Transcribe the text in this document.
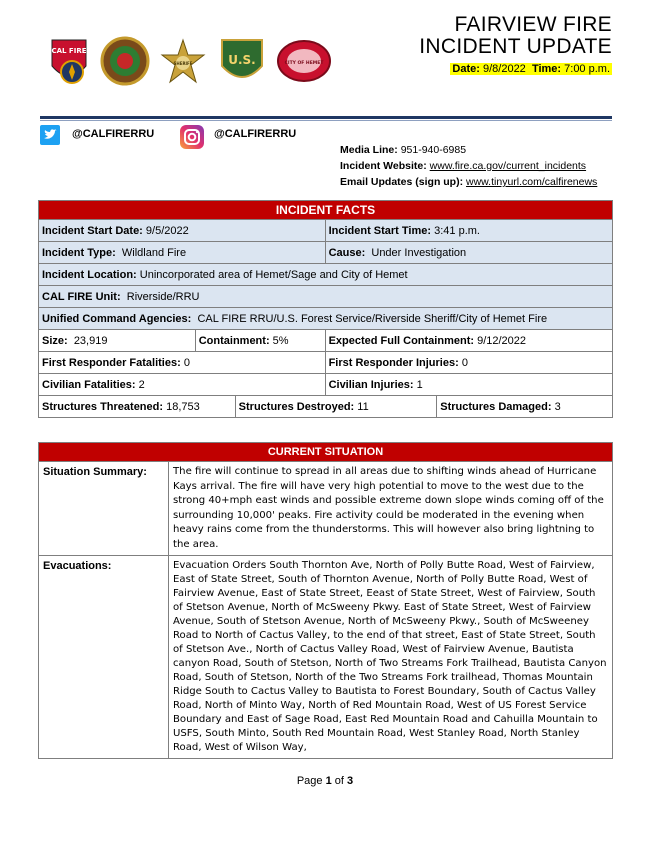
CAL FIRE
SHERIFF	U.S.	CITY OF HEMET
FAIRVIEW FIRE
INCIDENT UPDATE
Date: 9/8/2022 Time: 7:00 p.m.
@CALFIRERRU	@CALFIRERRU
Media Line: 951-940-6985
Incident Website: www.fire.ca.gov/current_incidents
Email Updates (sign up): www.tinyurl.com/calfirenews
INCIDENT FACTS				
Incident Start Date: 9/5/2022			Incident Start Time: 3:41 p.m.	
Incident Type: Wildland Fire			Cause: Under Investigation	
Incident Location: Unincorporated area of Hemet/Sage and City of Hemet				
CAL FIRE Unit: Riverside/RRU				
Unified Command Agencies: CAL FIRE RRU/U.S. Forest Service/Riverside Sheriff/City of Hemet Fire				
Size: 23,919	Containment: 5%		Expected Full Containment: 9/12/2022	
First Responder Fatalities: 0			First Responder Injuries: 0	
Civilian Fatalities: 2			Civilian Injuries: 1	
Structures Threatened: 18,753		Structures Destroyed: 11		Structures Damaged: 3
CURRENT SITUATION	
Situation Summary:	The fire will continue to spread in all areas due to shifting winds ahead of Hurricane Kays arrival. The fire will have very high potential to move to the west due to the strong 40+mph east winds and possible extreme down slope winds coming off of the surrounding 10,000' peaks. Fire activity could be moderated in the evening when heavy rains come from the thunderstorms. This will however also bring lightning to the area.
Evacuations:	Evacuation Orders South Thornton Ave, North of Polly Butte Road, West of Fairview, East of State Street, South of Thornton Avenue, North of Polly Butte Road, West of Fairview Avenue, East of State Street, Eeast of State Street, West of Fairview, South of Stetson Avenue, North of McSweeny Pkwy. East of State Street, West of Fairview Avenue, South of Stetson Avenue, North of McSweeny Pkwy., South of McSweeney Road to North of Cactus Valley, to the end of that street, East of State Street, South of Stetson Ave., North of Cactus Valley Road, West of Fairview Avenue, Bautista canyon Road, South of Stetson, North of Two Streams Fork Trailhead, Bautista Canyon Road, South of Stetson, North of the Two Streams Fork trailhead, Thomas Mountain Ridge South to Cactus Valley to Bautista to Forest Boundary, South of Cactus Valley Road, North of Minto Way, North of Red Mountain Road, West of US Forest Service Boundary and East of Sage Road, East Red Mountain Road and Cahuilla Mountain to USFS, South Minto, South Red Mountain Road, West Stanley Road, North Stanley Road, West of Wilson Way,
Page 1 of 3
